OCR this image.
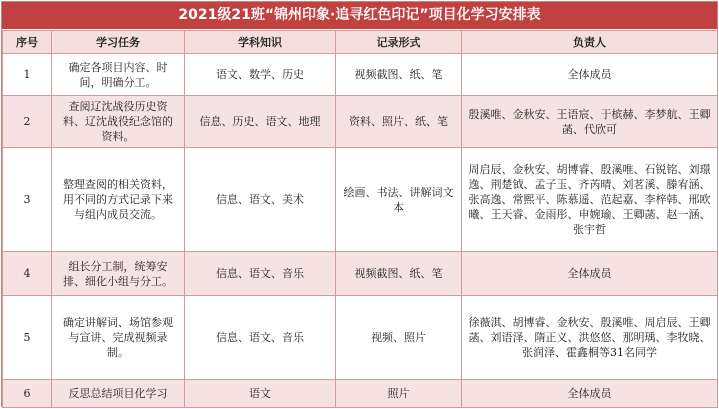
2021级21班“锦州印象·追寻红色印记”项目化学习安排表
序号	学习任务	学科知识	记录形式	负责人
1	确定各项目内容、时间，明确分工。	语文、数学、历史	视频截图、纸、笔	全体成员
2	查阅辽沈战役历史资料、辽沈战役纪念馆的资料。	信息、历史、语文、地理	资料、照片、纸、笔	殷溪唯、金秋安、王语宸、于槟赫、李梦航、王卿菡、代欣可
3	整理查阅的相关资料，用不同的方式记录下来与组内成员交流。	信息、语文、美术	绘画、书法、讲解词文本	周启辰、金秋安、胡博睿、殷溪唯、石锐铭、刘璟逸、荆楚钺、孟子玉、齐芮晴、刘茗溪、滕宥涵、张高逸、常熙平、陈慕遥、范起嘉、李梓韩、邢欧曦、王天睿、金雨彤、申婉瑜、王卿菡、赵一涵、张宇哲
4	组长分工制，统筹安排、细化小组与分工。	信息、语文、音乐	视频截图、纸、笔	全体成员
5	确定讲解词、场馆参观与宣讲、完成视频录制。	信息、语文、音乐	视频、照片	徐薇淇、胡博睿、金秋安、殷溪唯、周启辰、王卿菡、刘语泽、隋正义、洪悠悠、那明瑀、李牧晓、张润泽、霍鑫桐等31名同学
6	反思总结项目化学习	语文	照片	全体成员
